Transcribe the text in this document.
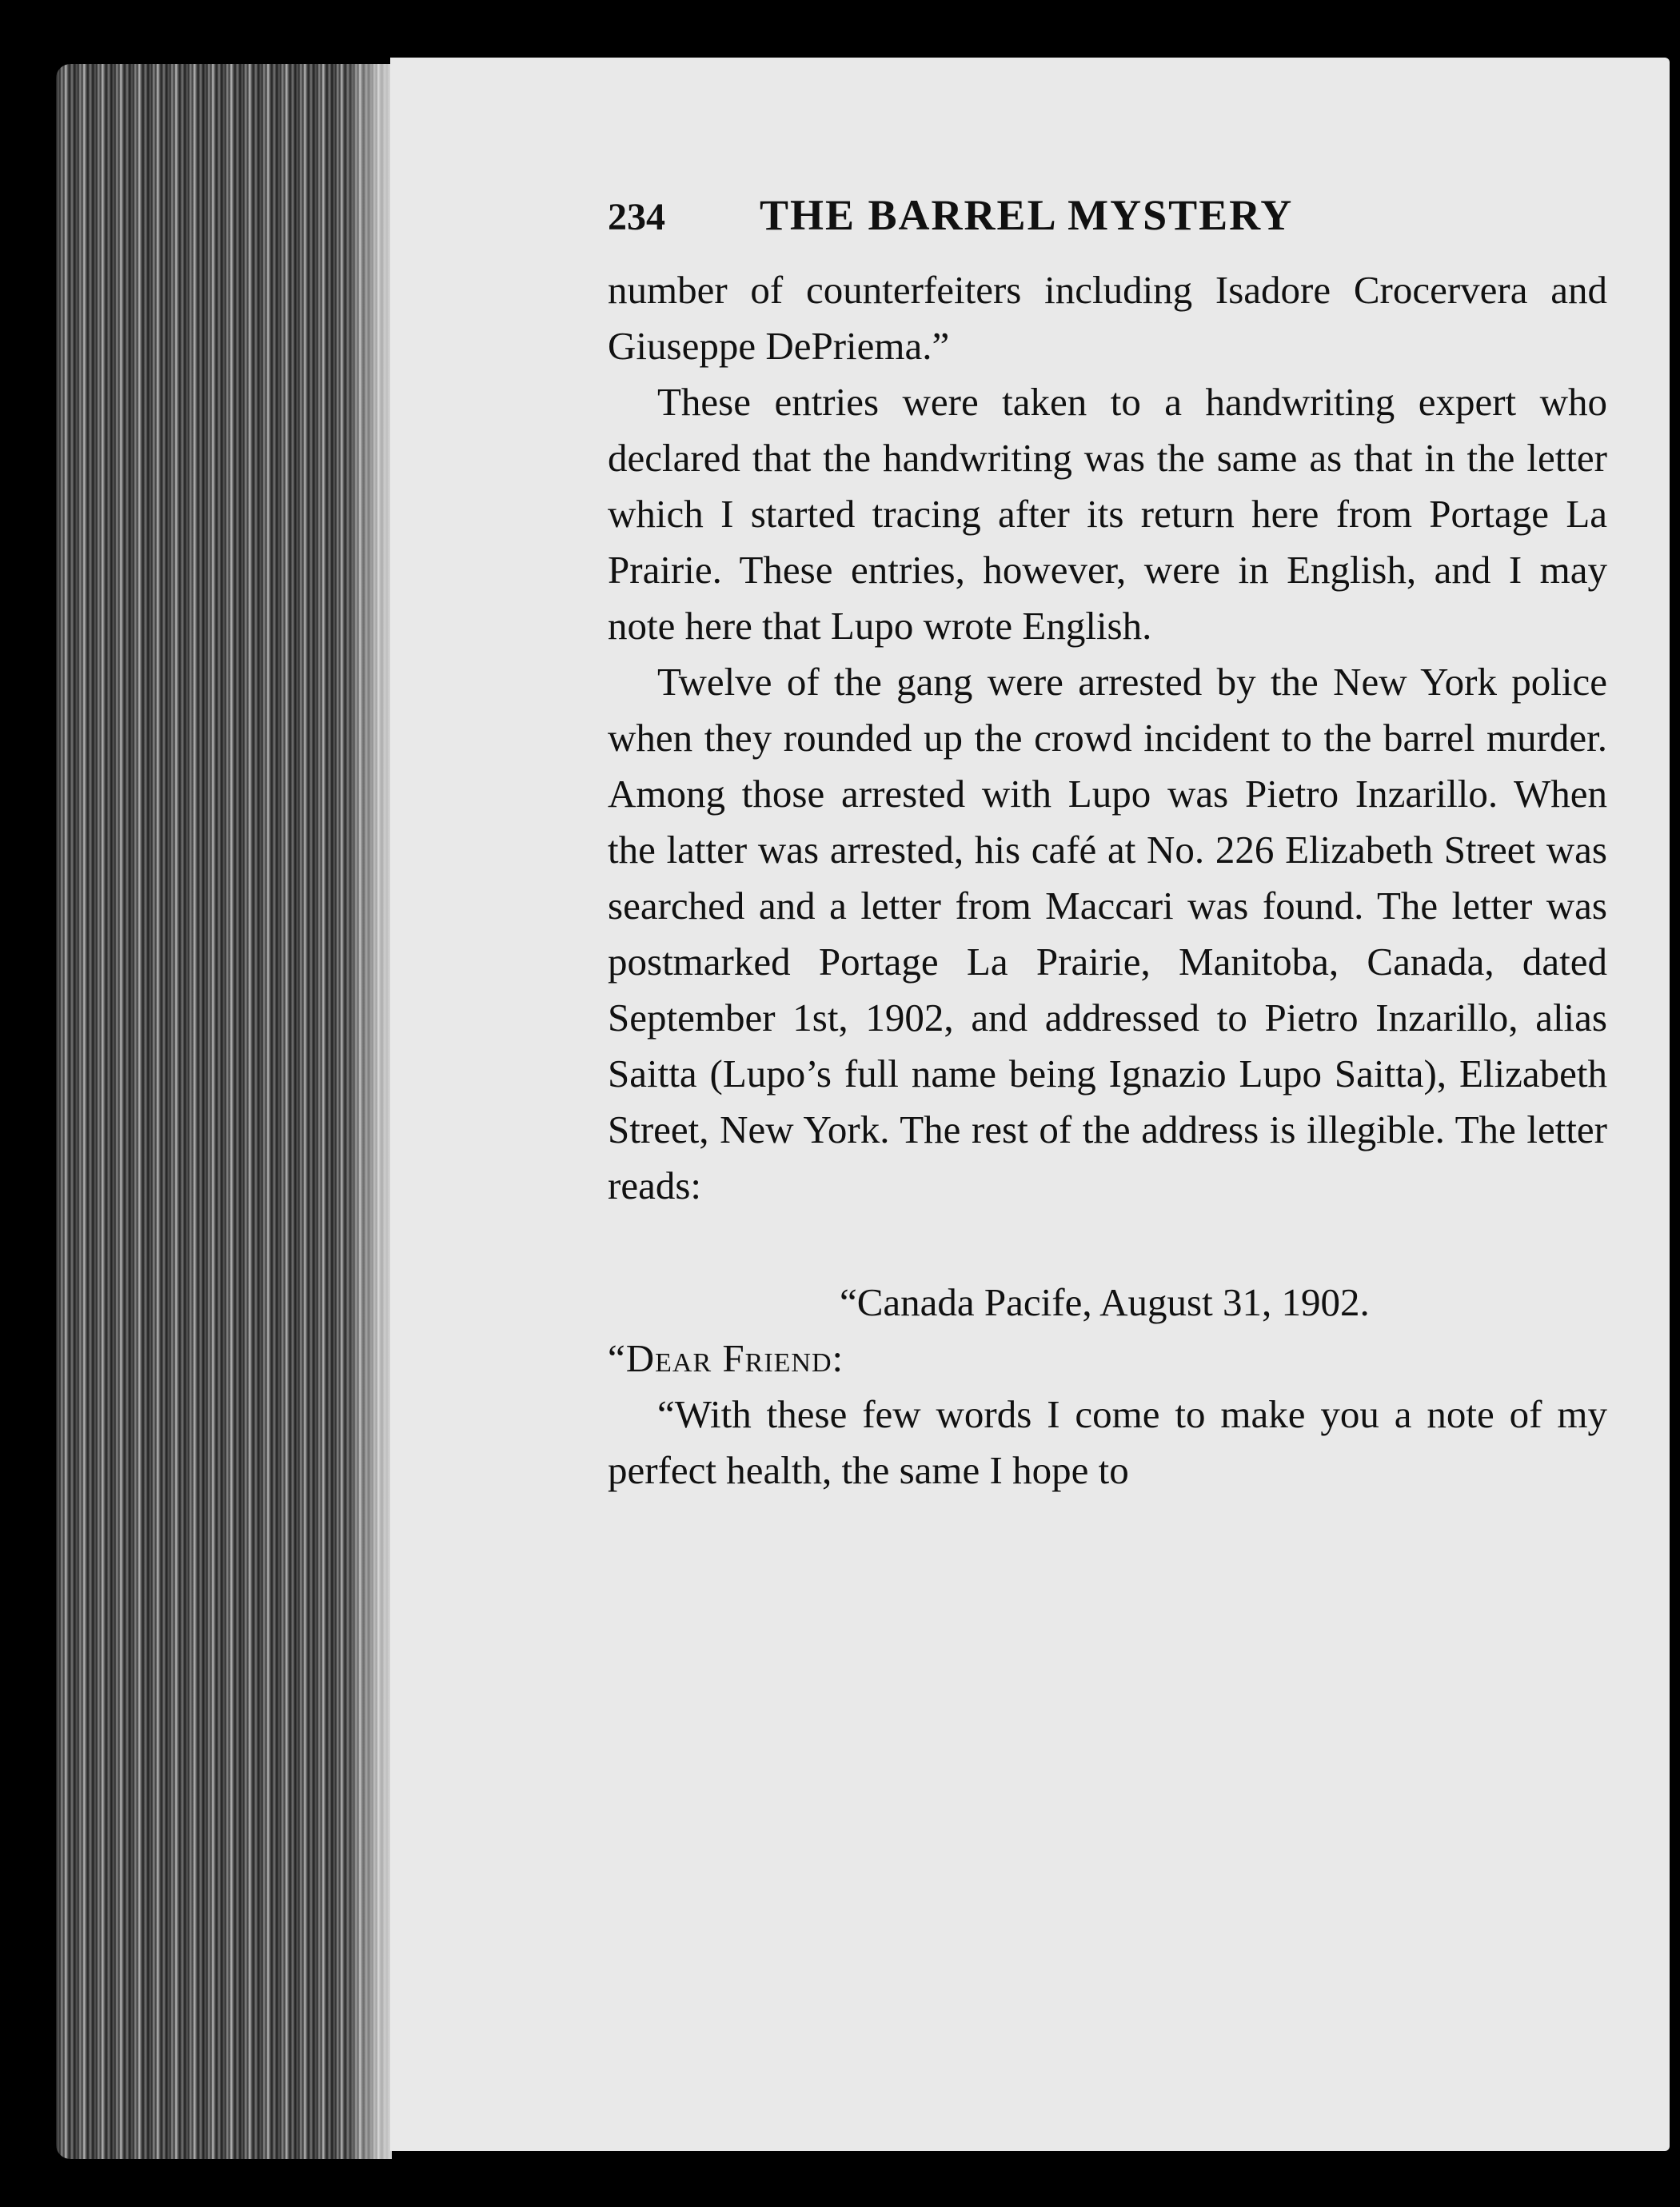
234	THE BARREL MYSTERY

number of counterfeiters including Isadore Crocervera and Giuseppe DePriema.”

These entries were taken to a handwriting expert who declared that the handwriting was the same as that in the letter which I started tracing after its return here from Portage La Prairie. These entries, however, were in English, and I may note here that Lupo wrote English.

Twelve of the gang were arrested by the New York police when they rounded up the crowd incident to the barrel murder. Among those arrested with Lupo was Pietro Inzarillo. When the latter was arrested, his café at No. 226 Elizabeth Street was searched and a letter from Maccari was found. The letter was postmarked Portage La Prairie, Manitoba, Canada, dated September 1st, 1902, and addressed to Pietro Inzarillo, alias Saitta (Lupo’s full name being Ignazio Lupo Saitta), Elizabeth Street, New York. The rest of the address is illegible. The letter reads:

“Canada Pacife, August 31, 1902.

“Dear Friend:

“With these few words I come to make you a note of my perfect health, the same I hope to
